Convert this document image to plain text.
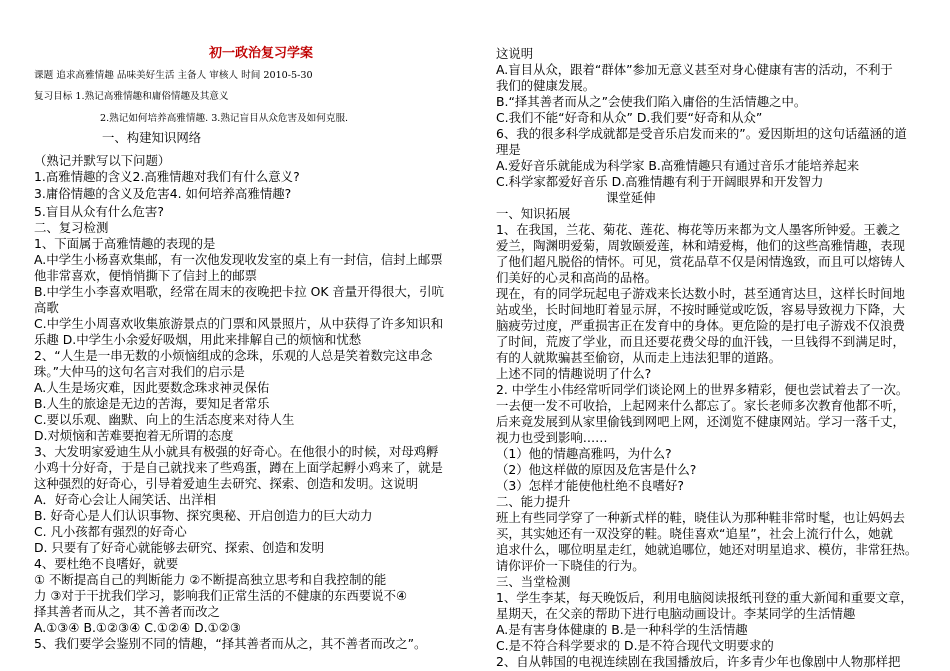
初一政治复习学案
课题 追求高雅情趣 品味美好生活 主备人 审核人 时间 2010-5-30
复习目标 1.熟记高雅情趣和庸俗情趣及其意义
2.熟记如何培养高雅情趣. 3.熟记盲目从众危害及如何克服.
一、构建知识网络
（熟记并默写以下问题）
1.高雅情趣的含义2.高雅情趣对我们有什么意义?
3.庸俗情趣的含义及危害4. 如何培养高雅情趣?
5.盲目从众有什么危害?
二、复习检测
1、下面属于高雅情趣的表现的是
A.中学生小杨喜欢集邮，有一次他发现收发室的桌上有一封信，信封上邮票
他非常喜欢，便悄悄撕下了信封上的邮票
B.中学生小李喜欢唱歌，经常在周末的夜晚把卡拉 OK 音量开得很大，引吭
高歌
C.中学生小周喜欢收集旅游景点的门票和风景照片，从中获得了许多知识和
乐趣 D.中学生小余爱好吸烟，用此来排解自己的烦恼和忧愁
2、“人生是一串无数的小烦恼组成的念珠，乐观的人总是笑着数完这串念
珠。”大仲马的这句名言对我们的启示是
A.人生是场灾难，因此要数念珠求神灵保佑
B.人生的旅途是无边的苦海，要知足者常乐
C.要以乐观、幽默、向上的生活态度来对待人生
D.对烦恼和苦难要抱着无所谓的态度
3、大发明家爱迪生从小就具有极强的好奇心。在他很小的时候，对母鸡孵
小鸡十分好奇，于是自己就找来了些鸡蛋，蹲在上面学起孵小鸡来了，就是
这种强烈的好奇心，引导着爱迪生去研究、探索、创造和发明。这说明
A．好奇心会让人闹笑话、出洋相
B. 好奇心是人们认识事物、探究奥秘、开启创造力的巨大动力
C. 凡小孩都有强烈的好奇心
D. 只要有了好奇心就能够去研究、探索、创造和发明
4、要杜绝不良嗜好，就要
① 不断提高自己的判断能力 ②不断提高独立思考和自我控制的能
力 ③对于干扰我们学习，影响我们正常生活的不健康的东西要说不④
择其善者而从之，其不善者而改之
A.①③④ B.①②③④ C.①②④ D.①②③
5、我们要学会鉴别不同的情趣，“择其善者而从之，其不善者而改之”。
这说明
A.盲目从众，跟着“群体”参加无意义甚至对身心健康有害的活动，不利于
我们的健康发展。
B.“择其善者而从之”会使我们陷入庸俗的生活情趣之中。
C.我们不能“好奇和从众” D.我们要“好奇和从众”
6、我的很多科学成就都是受音乐启发而来的”。爱因斯坦的这句话蕴涵的道
理是
A.爱好音乐就能成为科学家 B.高雅情趣只有通过音乐才能培养起来
C.科学家都爱好音乐 D.高雅情趣有利于开阔眼界和开发智力
课堂延伸
一、知识拓展
1、在我国，兰花、菊花、莲花、梅花等历来都为文人墨客所钟爱。王羲之
爱兰，陶渊明爱菊，周敦颐爱莲，林和靖爱梅，他们的这些高雅情趣，表现
了他们超凡脱俗的情怀。可见，赏花品草不仅是闲情逸致，而且可以熔铸人
们美好的心灵和高尚的品格。
现在，有的同学玩起电子游戏来长达数小时，甚至通宵达旦，这样长时间地
站或坐，长时间地盯着显示屏，不按时睡觉或吃饭，容易导致视力下降，大
脑疲劳过度，严重损害正在发育中的身体。更危险的是打电子游戏不仅浪费
了时间，荒废了学业，而且还要花费父母的血汗钱，一旦钱得不到满足时，
有的人就欺骗甚至偷窃，从而走上违法犯罪的道路。
上述不同的情趣说明了什么?
2. 中学生小伟经常听同学们谈论网上的世界多精彩，便也尝试着去了一次。
一去便一发不可收拾，上起网来什么都忘了。家长老师多次教育他都不听，
后来竟发展到从家里偷钱到网吧上网，还浏览不健康网站。学习一落千丈，
视力也受到影响……
（1）他的情趣高雅吗，为什么?
（2）他这样做的原因及危害是什么?
（3）怎样才能使他杜绝不良嗜好?
二、能力提升
班上有些同学穿了一种新式样的鞋，晓佳认为那种鞋非常时髦，也让妈妈去
买，其实她还有一双没穿的鞋。晓佳喜欢“追星”，社会上流行什么，她就
追求什么，哪位明星走红，她就追哪位，她还对明星追求、模仿，非常狂热。
请你评价一下晓佳的行为。
三、当堂检测
1、学生李某，每天晚饭后，利用电脑阅读报纸刊登的重大新闻和重要文章，
星期天，在父亲的帮助下进行电脑动画设计。李某同学的生活情趣
A.是有害身体健康的 B.是一种科学的生活情趣
C.是不符合科学要求的 D.是不符合现代文明要求的
2、自从韩国的电视连续剧在我国播放后，许多青少年也像剧中人物那样把
